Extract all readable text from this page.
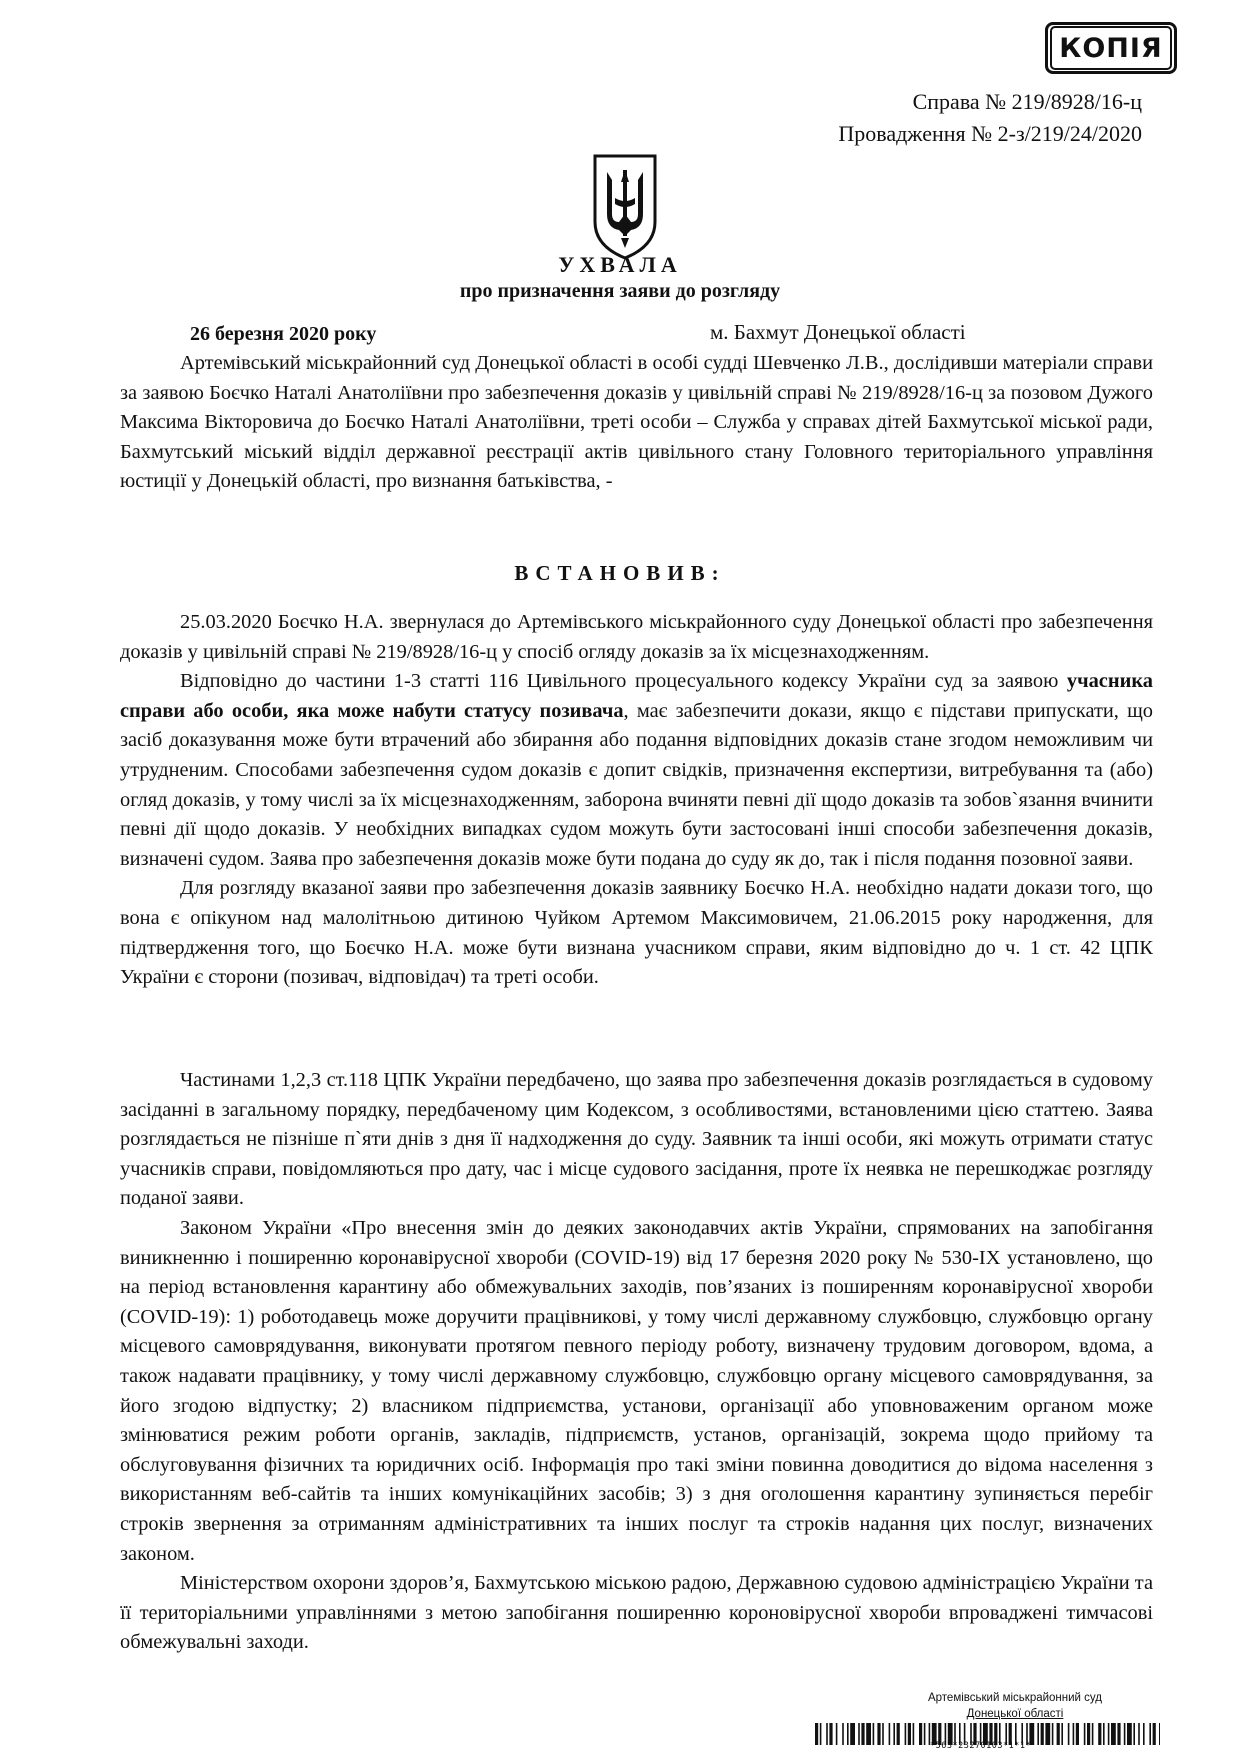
КОПІЯ
Справа № 219/8928/16-ц
Провадження № 2-з/219/24/2020
УХВАЛА
про призначення заяви до розгляду
26 березня 2020 року	м. Бахмут Донецької області

Артемівський міськрайонний суд Донецької області в особі судді Шевченко Л.В., дослідивши матеріали справи за заявою Боєчко Наталі Анатоліївни про забезпечення доказів у цивільній справі № 219/8928/16-ц за позовом Дужого Максима Вікторовича до Боєчко Наталі Анатоліївни, треті особи – Служба у справах дітей Бахмутської міської ради, Бахмутський міський відділ державної реєстрації актів цивільного стану Головного територіального управління юстиції у Донецькій області, про визнання батьківства, -

ВСТАНОВИВ:

25.03.2020 Боєчко Н.А. звернулася до Артемівського міськрайонного суду Донецької області про забезпечення доказів у цивільній справі № 219/8928/16-ц у спосіб огляду доказів за їх місцезнаходженням.

Відповідно до частини 1-3 статті 116 Цивільного процесуального кодексу України суд за заявою учасника справи або особи, яка може набути статусу позивача, має забезпечити докази, якщо є підстави припускати, що засіб доказування може бути втрачений або збирання або подання відповідних доказів стане згодом неможливим чи утрудненим. Способами забезпечення судом доказів є допит свідків, призначення експертизи, витребування та (або) огляд доказів, у тому числі за їх місцезнаходженням, заборона вчиняти певні дії щодо доказів та зобов`язання вчинити певні дії щодо доказів. У необхідних випадках судом можуть бути застосовані інші способи забезпечення доказів, визначені судом. Заява про забезпечення доказів може бути подана до суду як до, так і після подання позовної заяви.

Для розгляду вказаної заяви про забезпечення доказів заявнику Боєчко Н.А. необхідно надати докази того, що вона є опікуном над малолітньою дитиною Чуйком Артемом Максимовичем, 21.06.2015 року народження, для підтвердження того, що Боєчко Н.А. може бути визнана учасником справи, яким відповідно до ч. 1 ст. 42 ЦПК України є сторони (позивач, відповідач) та треті особи.

Частинами 1,2,3 ст.118 ЦПК України передбачено, що заява про забезпечення доказів розглядається в судовому засіданні в загальному порядку, передбаченому цим Кодексом, з особливостями, встановленими цією статтею. Заява розглядається не пізніше п`яти днів з дня її надходження до суду. Заявник та інші особи, які можуть отримати статус учасників справи, повідомляються про дату, час і місце судового засідання, проте їх неявка не перешкоджає розгляду поданої заяви.

Законом України «Про внесення змін до деяких законодавчих актів України, спрямованих на запобігання виникненню і поширенню коронавірусної хвороби (COVID-19) від 17 березня 2020 року № 530-IX установлено, що на період встановлення карантину або обмежувальних заходів, пов’язаних із поширенням коронавірусної хвороби (COVID-19): 1) роботодавець може доручити працівникові, у тому числі державному службовцю, службовцю органу місцевого самоврядування, виконувати протягом певного періоду роботу, визначену трудовим договором, вдома, а також надавати працівнику, у тому числі державному службовцю, службовцю органу місцевого самоврядування, за його згодою відпустку; 2) власником підприємства, установи, організації або уповноваженим органом може змінюватися режим роботи органів, закладів, підприємств, установ, організацій, зокрема щодо прийому та обслуговування фізичних та юридичних осіб. Інформація про такі зміни повинна доводитися до відома населення з використанням веб-сайтів та інших комунікаційних засобів; 3) з дня оголошення карантину зупиняється перебіг строків звернення за отриманням адміністративних та інших послуг та строків надання цих послуг, визначених законом.

Міністерством охорони здоров’я, Бахмутською міською радою, Державною судовою адміністрацією України та її територіальними управліннями з метою запобігання поширенню короновірусної хвороби впроваджені тимчасові обмежувальні заходи.

Артемівський міськрайонний суд
Донецької області
*563*23270103*1*1*
